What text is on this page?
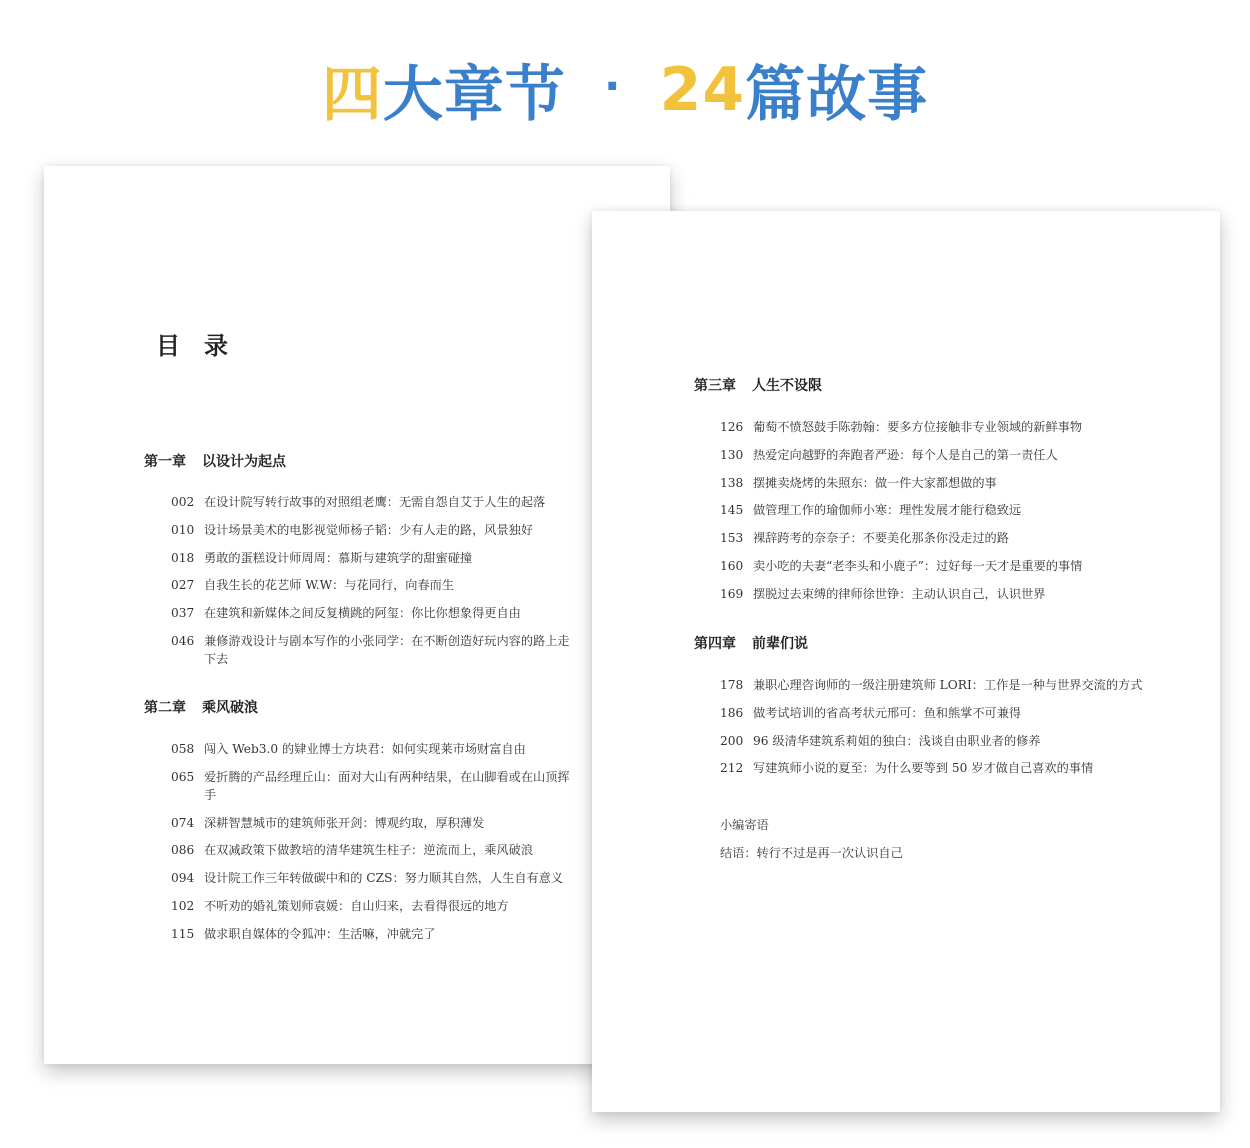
四 大章节 · 24 篇故事
目录
第一章 以设计为起点
002 在设计院写转行故事的对照组老鹰：无需自怨自艾于人生的起落
010 设计场景美术的电影视觉师杨子韬：少有人走的路，风景独好
018 勇敢的蛋糕设计师周周：慕斯与建筑学的甜蜜碰撞
027 自我生长的花艺师 W.W：与花同行，向春而生
037 在建筑和新媒体之间反复横跳的阿玺：你比你想象得更自由
046 兼修游戏设计与剧本写作的小张同学：在不断创造好玩内容的路上走下去
第二章 乘风破浪
058 闯入 Web3.0 的肄业博士方块君：如何实现莱市场财富自由
065 爱折腾的产品经理丘山：面对大山有两种结果，在山脚看或在山顶挥手
074 深耕智慧城市的建筑师张开剑：博观约取，厚积薄发
086 在双减政策下做教培的清华建筑生柱子：逆流而上，乘风破浪
094 设计院工作三年转做碳中和的 CZS：努力顺其自然，人生自有意义
102 不听劝的婚礼策划师袁媛：自山归来，去看得很远的地方
115 做求职自媒体的令狐冲：生活嘛，冲就完了
第三章 人生不设限
126 葡萄不愤怒鼓手陈勃翰：要多方位接触非专业领域的新鲜事物
130 热爱定向越野的奔跑者严逊：每个人是自己的第一责任人
138 摆摊卖烧烤的朱照东：做一件大家都想做的事
145 做管理工作的瑜伽师小寒：理性发展才能行稳致远
153 裸辞跨考的奈奈子：不要美化那条你没走过的路
160 卖小吃的夫妻“老李头和小鹿子”：过好每一天才是重要的事情
169 摆脱过去束缚的律师徐世铮：主动认识自己，认识世界
第四章 前辈们说
178 兼职心理咨询师的一级注册建筑师 LORI：工作是一种与世界交流的方式
186 做考试培训的省高考状元邢可：鱼和熊掌不可兼得
200 96 级清华建筑系莉姐的独白：浅谈自由职业者的修养
212 写建筑师小说的夏至：为什么要等到 50 岁才做自己喜欢的事情
小编寄语
结语：转行不过是再一次认识自己
